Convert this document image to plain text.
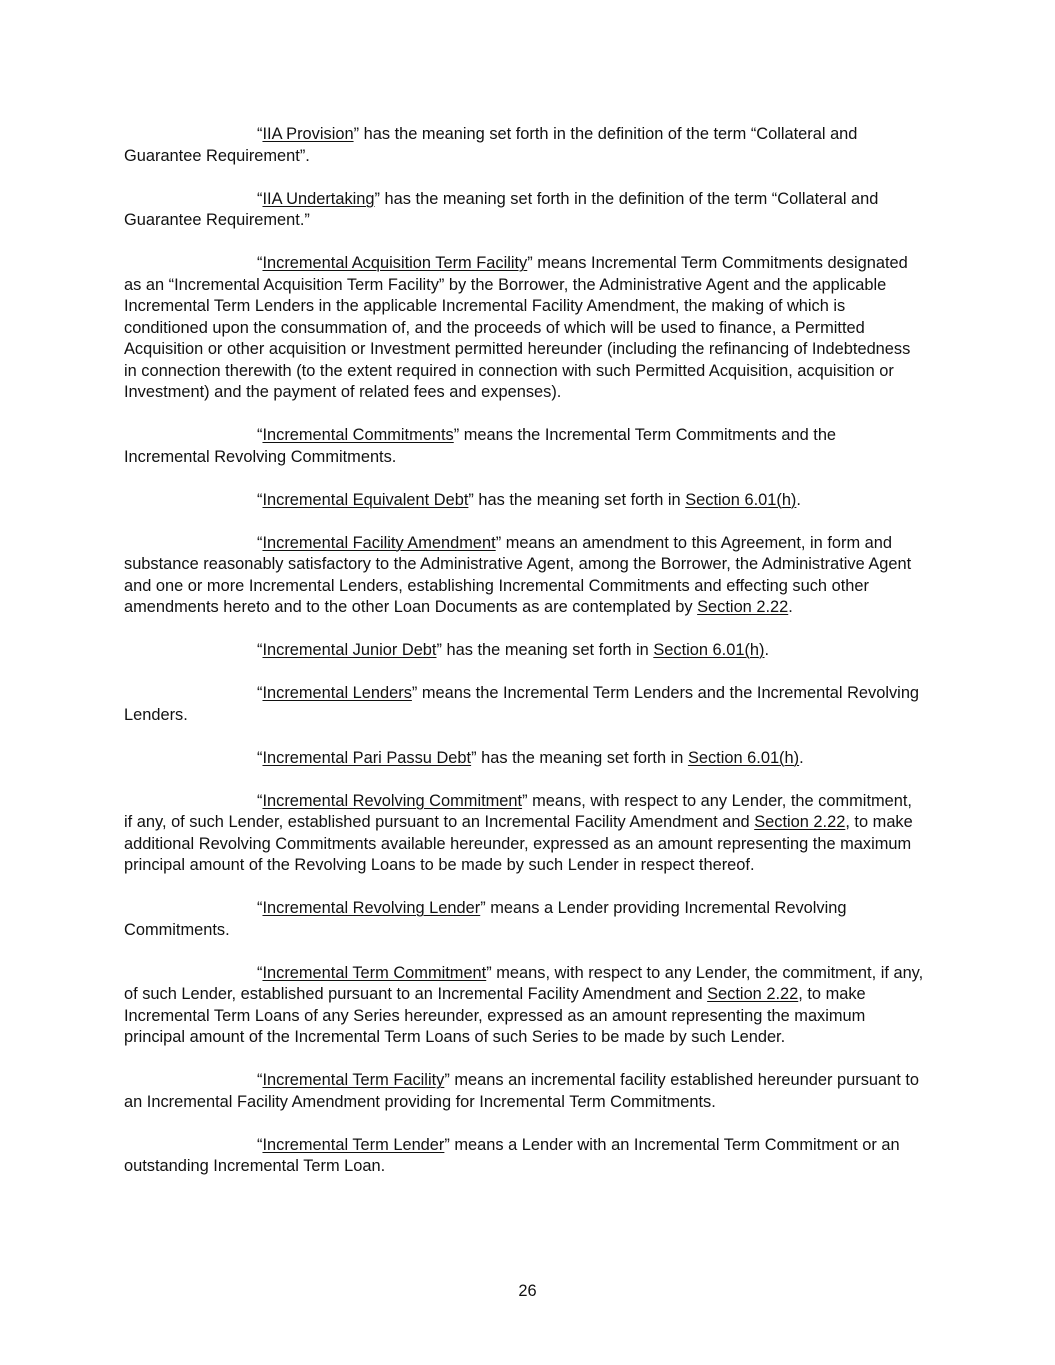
“IIA Provision” has the meaning set forth in the definition of the term “Collateral and Guarantee Requirement”.

“IIA Undertaking” has the meaning set forth in the definition of the term “Collateral and Guarantee Requirement.”

“Incremental Acquisition Term Facility” means Incremental Term Commitments designated as an “Incremental Acquisition Term Facility” by the Borrower, the Administrative Agent and the applicable Incremental Term Lenders in the applicable Incremental Facility Amendment, the making of which is conditioned upon the consummation of, and the proceeds of which will be used to finance, a Permitted Acquisition or other acquisition or Investment permitted hereunder (including the refinancing of Indebtedness in connection therewith (to the extent required in connection with such Permitted Acquisition, acquisition or Investment) and the payment of related fees and expenses).

“Incremental Commitments” means the Incremental Term Commitments and the Incremental Revolving Commitments.

“Incremental Equivalent Debt” has the meaning set forth in Section 6.01(h).

“Incremental Facility Amendment” means an amendment to this Agreement, in form and substance reasonably satisfactory to the Administrative Agent, among the Borrower, the Administrative Agent and one or more Incremental Lenders, establishing Incremental Commitments and effecting such other amendments hereto and to the other Loan Documents as are contemplated by Section 2.22.

“Incremental Junior Debt” has the meaning set forth in Section 6.01(h).

“Incremental Lenders” means the Incremental Term Lenders and the Incremental Revolving Lenders.

“Incremental Pari Passu Debt” has the meaning set forth in Section 6.01(h).

“Incremental Revolving Commitment” means, with respect to any Lender, the commitment, if any, of such Lender, established pursuant to an Incremental Facility Amendment and Section 2.22, to make additional Revolving Commitments available hereunder, expressed as an amount representing the maximum principal amount of the Revolving Loans to be made by such Lender in respect thereof.

“Incremental Revolving Lender” means a Lender providing Incremental Revolving Commitments.

“Incremental Term Commitment” means, with respect to any Lender, the commitment, if any, of such Lender, established pursuant to an Incremental Facility Amendment and Section 2.22, to make Incremental Term Loans of any Series hereunder, expressed as an amount representing the maximum principal amount of the Incremental Term Loans of such Series to be made by such Lender.

“Incremental Term Facility” means an incremental facility established hereunder pursuant to an Incremental Facility Amendment providing for Incremental Term Commitments.

“Incremental Term Lender” means a Lender with an Incremental Term Commitment or an outstanding Incremental Term Loan.

26
